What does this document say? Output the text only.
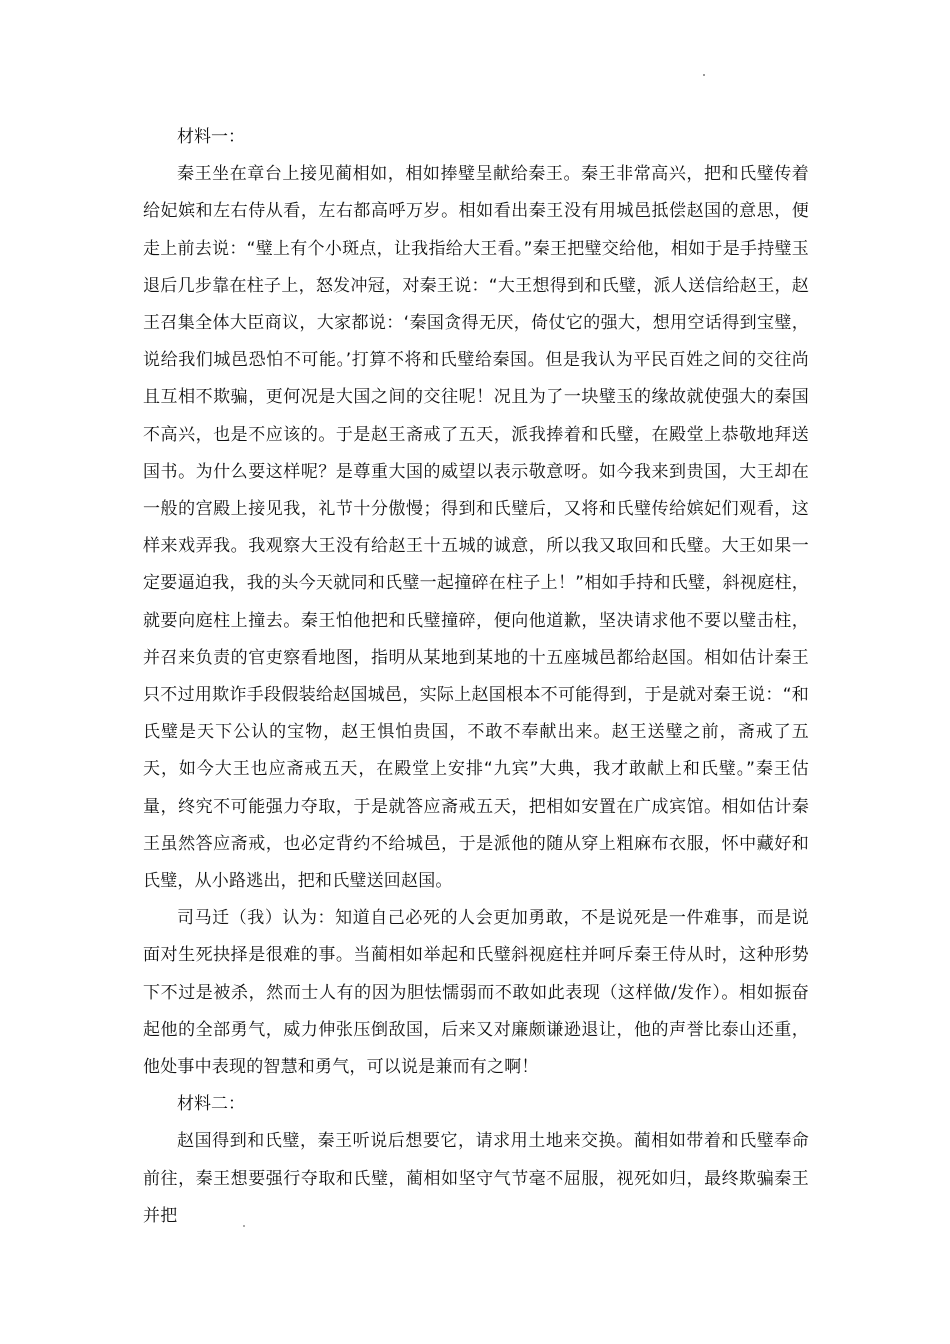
材料一：

秦王坐在章台上接见蔺相如，相如捧璧呈献给秦王。秦王非常高兴，把和氏璧传着给妃嫔和左右侍从看，左右都高呼万岁。相如看出秦王没有用城邑抵偿赵国的意思，便走上前去说：“璧上有个小斑点，让我指给大王看。”秦王把璧交给他，相如于是手持璧玉退后几步靠在柱子上，怒发冲冠，对秦王说：“大王想得到和氏璧，派人送信给赵王，赵王召集全体大臣商议，大家都说：‘秦国贪得无厌，倚仗它的强大，想用空话得到宝璧，说给我们城邑恐怕不可能。’打算不将和氏璧给秦国。但是我认为平民百姓之间的交往尚且互相不欺骗，更何况是大国之间的交往呢！况且为了一块璧玉的缘故就使强大的秦国不高兴，也是不应该的。于是赵王斋戒了五天，派我捧着和氏璧，在殿堂上恭敬地拜送国书。为什么要这样呢？是尊重大国的威望以表示敬意呀。如今我来到贵国，大王却在一般的宫殿上接见我，礼节十分傲慢；得到和氏璧后，又将和氏璧传给嫔妃们观看，这样来戏弄我。我观察大王没有给赵王十五城的诚意，所以我又取回和氏璧。大王如果一定要逼迫我，我的头今天就同和氏璧一起撞碎在柱子上！”相如手持和氏璧，斜视庭柱，就要向庭柱上撞去。秦王怕他把和氏璧撞碎，便向他道歉，坚决请求他不要以璧击柱，并召来负责的官吏察看地图，指明从某地到某地的十五座城邑都给赵国。相如估计秦王只不过用欺诈手段假装给赵国城邑，实际上赵国根本不可能得到，于是就对秦王说：“和氏璧是天下公认的宝物，赵王惧怕贵国，不敢不奉献出来。赵王送璧之前，斋戒了五天，如今大王也应斋戒五天，在殿堂上安排“九宾”大典，我才敢献上和氏璧。”秦王估量，终究不可能强力夺取，于是就答应斋戒五天，把相如安置在广成宾馆。相如估计秦王虽然答应斋戒，也必定背约不给城邑，于是派他的随从穿上粗麻布衣服，怀中藏好和氏璧，从小路逃出，把和氏璧送回赵国。

司马迁（我）认为：知道自己必死的人会更加勇敢，不是说死是一件难事，而是说面对生死抉择是很难的事。当蔺相如举起和氏璧斜视庭柱并呵斥秦王侍从时，这种形势下不过是被杀，然而士人有的因为胆怯懦弱而不敢如此表现（这样做/发作）。相如振奋起他的全部勇气，威力伸张压倒敌国，后来又对廉颇谦逊退让，他的声誉比泰山还重，他处事中表现的智慧和勇气，可以说是兼而有之啊！

材料二：

赵国得到和氏璧，秦王听说后想要它，请求用土地来交换。蔺相如带着和氏璧奉命前往，秦王想要强行夺取和氏璧，蔺相如坚守气节毫不屈服，视死如归，最终欺骗秦王并把
